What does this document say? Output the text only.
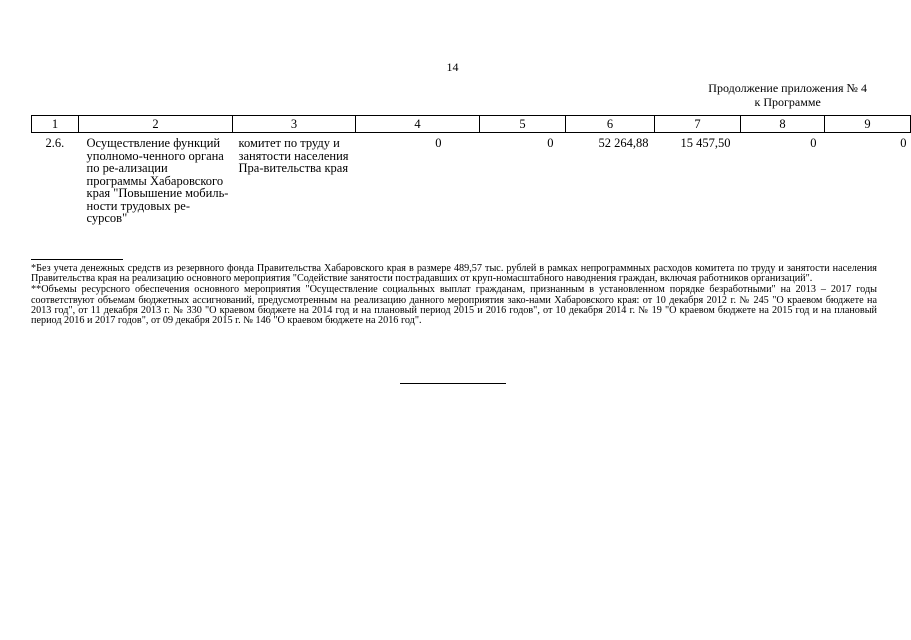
14
Продолжение приложения № 4
к Программе
1	2	3	4	5	6	7	8	9
2.6.	Осуществление функций уполномо-ченного органа по ре-ализации программы Хабаровского края "Повышение мобиль-ности трудовых ре-сурсов"	комитет по труду и занятости населения Пра-вительства края	0	0	52 264,88	15 457,50	0	0
*Без учета денежных средств из резервного фонда Правительства Хабаровского края в размере 489,57 тыс. рублей в рамках непрограммных расходов комитета по труду и занятости населения Правительства края на реализацию основного мероприятия "Содействие занятости пострадавших от круп-номасштабного наводнения граждан, включая работников организаций".
**Объемы ресурсного обеспечения основного мероприятия "Осуществление социальных выплат гражданам, признанным в установленном порядке безработными" на 2013 – 2017 годы соответствуют объемам бюджетных ассигнований, предусмотренным на реализацию данного мероприятия зако-нами Хабаровского края: от 10 декабря 2012 г. № 245 "О краевом бюджете на 2013 год", от 11 декабря 2013 г. № 330 "О краевом бюджете на 2014 год и на плановый период 2015 и 2016 годов", от 10 декабря 2014 г. № 19 "О краевом бюджете на 2015 год и на плановый период 2016 и 2017 годов", от 09 декабря 2015 г. № 146 "О краевом бюджете на 2016 год".
